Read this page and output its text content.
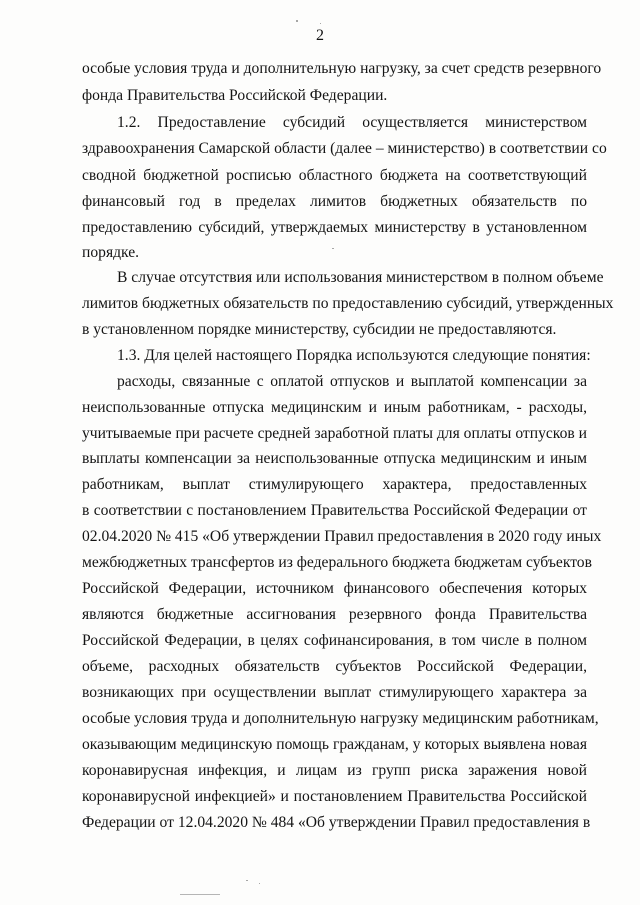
2
особые условия труда и дополнительную нагрузку, за счет средств резервного
фонда Правительства Российской Федерации.
1.2. Предоставление субсидий осуществляется министерством
здравоохранения Самарской области (далее – министерство) в соответствии со
сводной бюджетной росписью областного бюджета на соответствующий
финансовый год в пределах лимитов бюджетных обязательств по
предоставлению субсидий, утверждаемых министерству в установленном
порядке.
В случае отсутствия или использования министерством в полном объеме
лимитов бюджетных обязательств по предоставлению субсидий, утвержденных
в установленном порядке министерству, субсидии не предоставляются.
1.3. Для целей настоящего Порядка используются следующие понятия:
расходы, связанные с оплатой отпусков и выплатой компенсации за
неиспользованные отпуска медицинским и иным работникам, - расходы,
учитываемые при расчете средней заработной платы для оплаты отпусков и
выплаты компенсации за неиспользованные отпуска медицинским и иным
работникам, выплат стимулирующего характера, предоставленных
в соответствии с постановлением Правительства Российской Федерации от
02.04.2020 № 415 «Об утверждении Правил предоставления в 2020 году иных
межбюджетных трансфертов из федерального бюджета бюджетам субъектов
Российской Федерации, источником финансового обеспечения которых
являются бюджетные ассигнования резервного фонда Правительства
Российской Федерации, в целях софинансирования, в том числе в полном
объеме, расходных обязательств субъектов Российской Федерации,
возникающих при осуществлении выплат стимулирующего характера за
особые условия труда и дополнительную нагрузку медицинским работникам,
оказывающим медицинскую помощь гражданам, у которых выявлена новая
коронавирусная инфекция, и лицам из групп риска заражения новой
коронавирусной инфекцией» и постановлением Правительства Российской
Федерации от 12.04.2020 № 484 «Об утверждении Правил предоставления в
